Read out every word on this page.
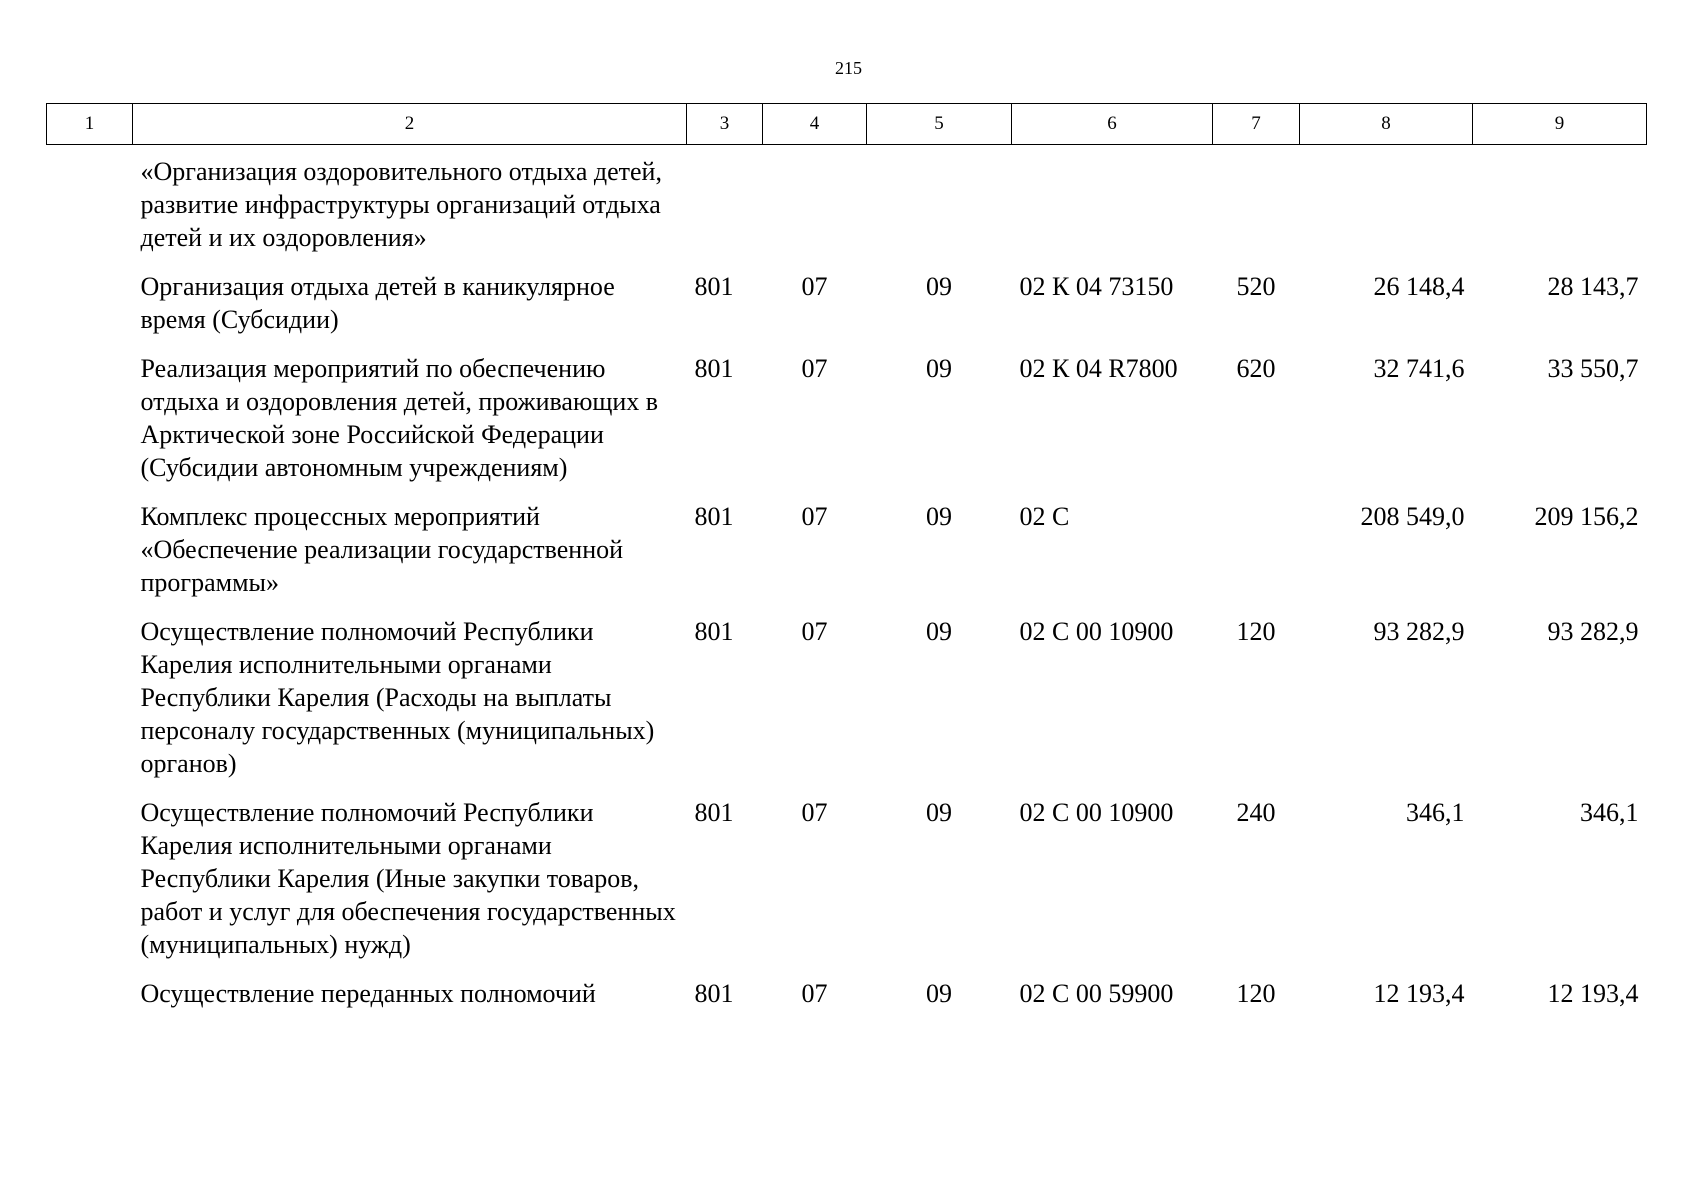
215
1	2	3	4	5	6	7	8	9
	«Организация оздоровительного отдыха детей, развитие инфраструктуры организаций отдыха детей и их оздоровления»							
	Организация отдыха детей в каникулярное время (Субсидии)	801	07	09	02 К 04 73150	520	26 148,4	28 143,7
	Реализация мероприятий по обеспечению отдыха и оздоровления детей, проживающих в Арктической зоне Российской Федерации (Субсидии автономным учреждениям)	801	07	09	02 К 04 R7800	620	32 741,6	33 550,7
	Комплекс процессных мероприятий «Обеспечение реализации государственной программы»	801	07	09	02 С		208 549,0	209 156,2
	Осуществление полномочий Республики Карелия исполнительными органами Республики Карелия (Расходы на выплаты персоналу государственных (муниципальных) органов)	801	07	09	02 С 00 10900	120	93 282,9	93 282,9
	Осуществление полномочий Республики Карелия исполнительными органами Республики Карелия (Иные закупки товаров, работ и услуг для обеспечения государственных (муниципальных) нужд)	801	07	09	02 С 00 10900	240	346,1	346,1
	Осуществление переданных полномочий	801	07	09	02 С 00 59900	120	12 193,4	12 193,4
